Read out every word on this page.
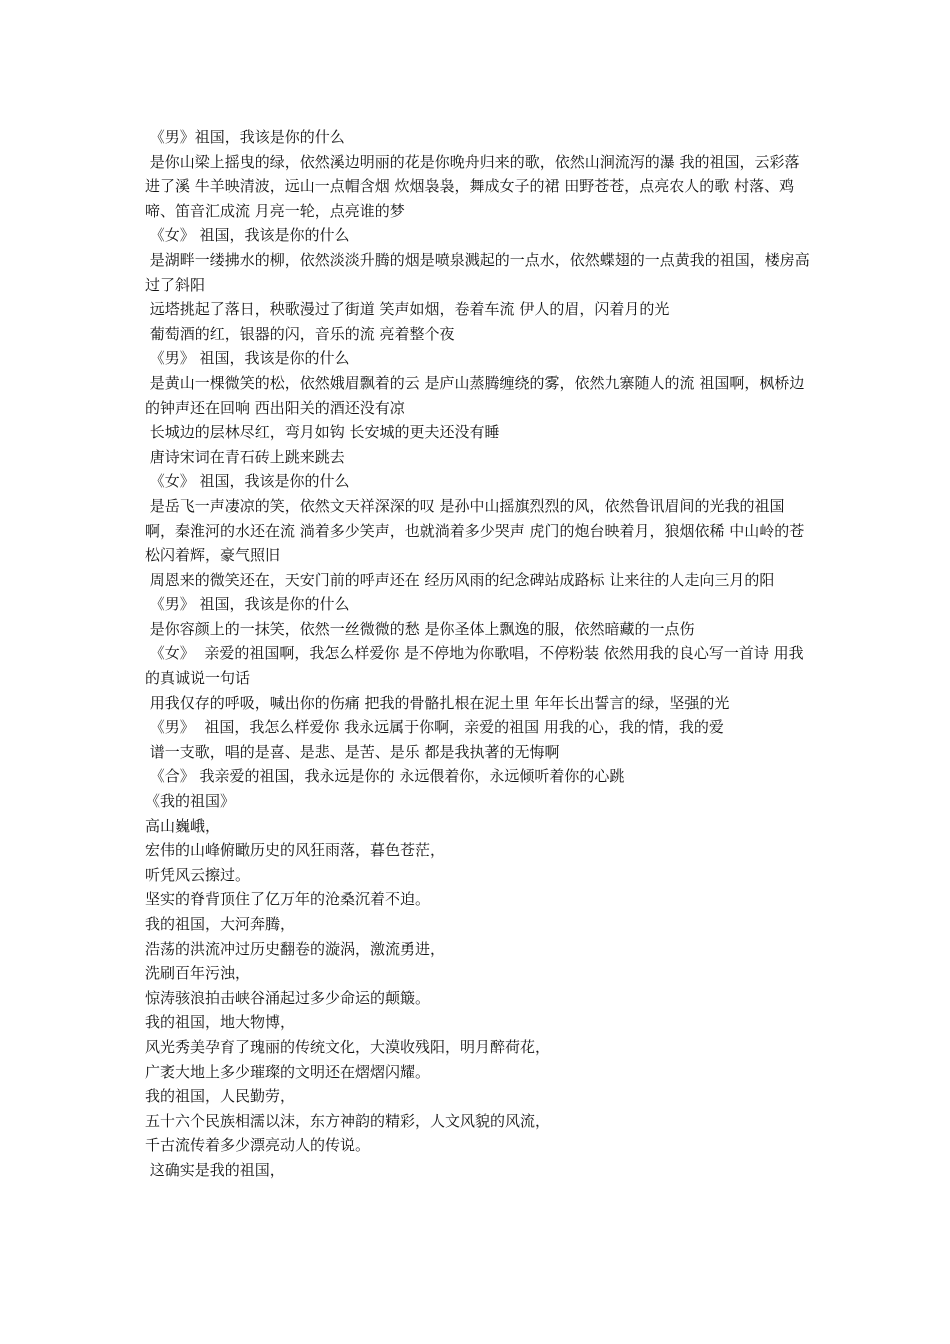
《男》祖国，我该是你的什么

是你山梁上摇曳的绿，依然溪边明丽的花是你晚舟归来的歌，依然山涧流泻的瀑 我的祖国，云彩落进了溪 牛羊映清波，远山一点帽含烟 炊烟袅袅，舞成女子的裙 田野苍苍，点亮农人的歌 村落、鸡啼、笛音汇成流 月亮一轮，点亮谁的梦

《女》 祖国，我该是你的什么

是湖畔一缕拂水的柳，依然淡淡升腾的烟是喷泉溅起的一点水，依然蝶翅的一点黄我的祖国，楼房高过了斜阳

远塔挑起了落日，秧歌漫过了街道 笑声如烟，卷着车流 伊人的眉，闪着月的光

葡萄酒的红，银器的闪，音乐的流 亮着整个夜

《男》 祖国，我该是你的什么

是黄山一棵微笑的松，依然娥眉飘着的云 是庐山蒸腾缠绕的雾，依然九寨随人的流 祖国啊，枫桥边的钟声还在回响 西出阳关的酒还没有凉

长城边的层林尽红，弯月如钩 长安城的更夫还没有睡

唐诗宋词在青石砖上跳来跳去

《女》 祖国，我该是你的什么

是岳飞一声凄凉的笑，依然文天祥深深的叹 是孙中山摇旗烈烈的风，依然鲁讯眉间的光我的祖国啊，秦淮河的水还在流 淌着多少笑声，也就淌着多少哭声 虎门的炮台映着月，狼烟依稀 中山岭的苍松闪着辉，豪气照旧

周恩来的微笑还在，天安门前的呼声还在 经历风雨的纪念碑站成路标 让来往的人走向三月的阳

《男》 祖国，我该是你的什么

是你容颜上的一抹笑，依然一丝微微的愁 是你圣体上飘逸的服，依然暗藏的一点伤

《女》  亲爱的祖国啊，我怎么样爱你 是不停地为你歌唱，不停粉装 依然用我的良心写一首诗 用我的真诚说一句话

用我仅存的呼吸，喊出你的伤痛 把我的骨骼扎根在泥土里 年年长出誓言的绿，坚强的光

《男》  祖国，我怎么样爱你 我永远属于你啊，亲爱的祖国 用我的心，我的情，我的爱

谱一支歌，唱的是喜、是悲、是苦、是乐 都是我执著的无悔啊

《合》 我亲爱的祖国，我永远是你的 永远偎着你，永远倾听着你的心跳

《我的祖国》

高山巍峨，

宏伟的山峰俯瞰历史的风狂雨落，暮色苍茫，

听凭风云擦过。

坚实的脊背顶住了亿万年的沧桑沉着不迫。

我的祖国，大河奔腾，

浩荡的洪流冲过历史翻卷的漩涡，激流勇进，

洗刷百年污浊，

惊涛骇浪拍击峡谷涌起过多少命运的颠簸。

我的祖国，地大物博，

风光秀美孕育了瑰丽的传统文化，大漠收残阳，明月醉荷花，

广袤大地上多少璀璨的文明还在熠熠闪耀。

我的祖国，人民勤劳，

五十六个民族相濡以沫，东方神韵的精彩，人文风貌的风流，

千古流传着多少漂亮动人的传说。

这确实是我的祖国，
